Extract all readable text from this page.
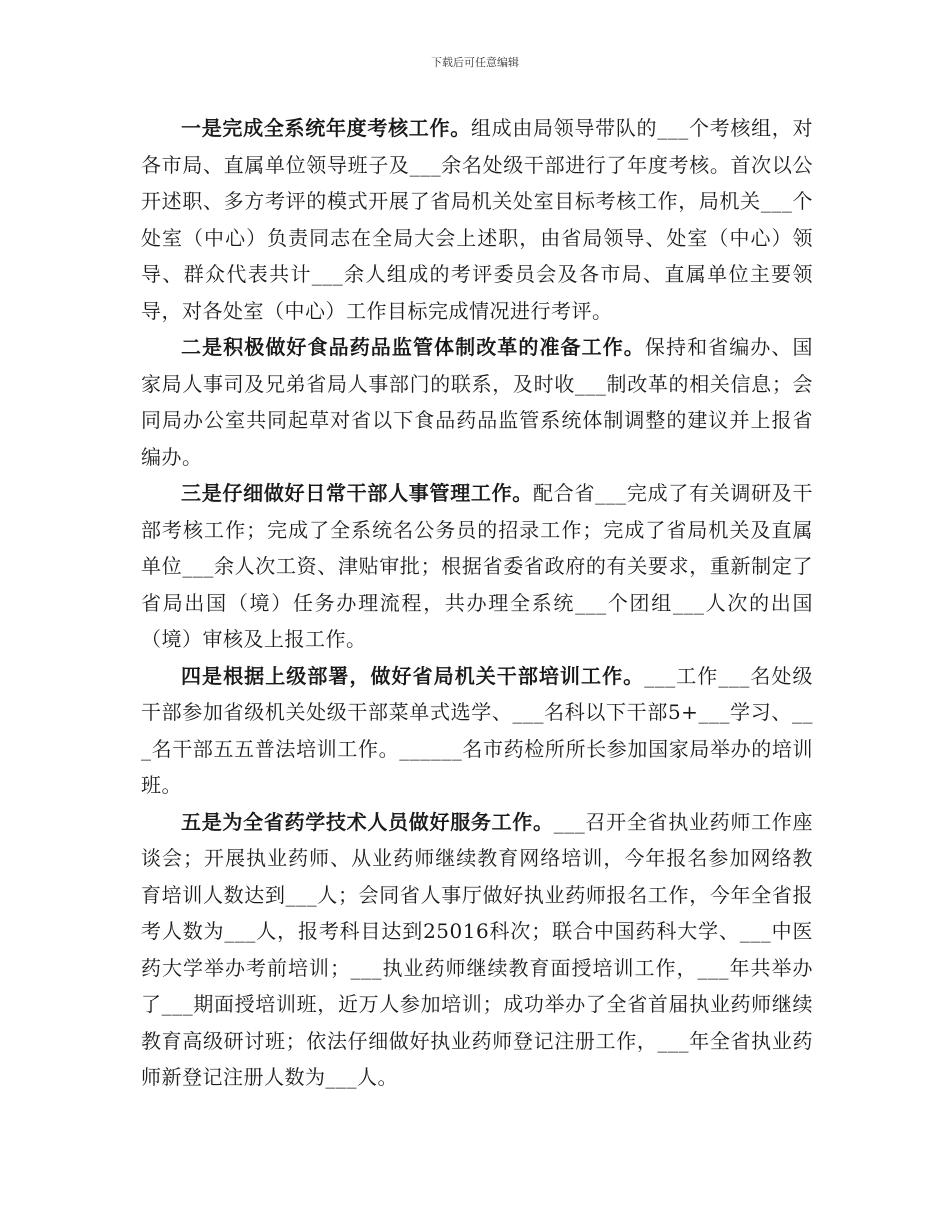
下载后可任意编辑

一是完成全系统年度考核工作。组成由局领导带队的___个考核组，对各市局、直属单位领导班子及___余名处级干部进行了年度考核。首次以公开述职、多方考评的模式开展了省局机关处室目标考核工作，局机关___个处室（中心）负责同志在全局大会上述职，由省局领导、处室（中心）领导、群众代表共计___余人组成的考评委员会及各市局、直属单位主要领导，对各处室（中心）工作目标完成情况进行考评。

二是积极做好食品药品监管体制改革的准备工作。保持和省编办、国家局人事司及兄弟省局人事部门的联系，及时收___制改革的相关信息；会同局办公室共同起草对省以下食品药品监管系统体制调整的建议并上报省编办。

三是仔细做好日常干部人事管理工作。配合省___完成了有关调研及干部考核工作；完成了全系统名公务员的招录工作；完成了省局机关及直属单位___余人次工资、津贴审批；根据省委省政府的有关要求，重新制定了省局出国（境）任务办理流程，共办理全系统___个团组___人次的出国（境）审核及上报工作。

四是根据上级部署，做好省局机关干部培训工作。___工作___名处级干部参加省级机关处级干部菜单式选学、___名科以下干部5+___学习、___名干部五五普法培训工作。______名市药检所所长参加国家局举办的培训班。

五是为全省药学技术人员做好服务工作。___召开全省执业药师工作座谈会；开展执业药师、从业药师继续教育网络培训，今年报名参加网络教育培训人数达到___人；会同省人事厅做好执业药师报名工作，今年全省报考人数为___人，报考科目达到25016科次；联合中国药科大学、___中医药大学举办考前培训；___执业药师继续教育面授培训工作，___年共举办了___期面授培训班，近万人参加培训；成功举办了全省首届执业药师继续教育高级研讨班；依法仔细做好执业药师登记注册工作，___年全省执业药师新登记注册人数为___人。
